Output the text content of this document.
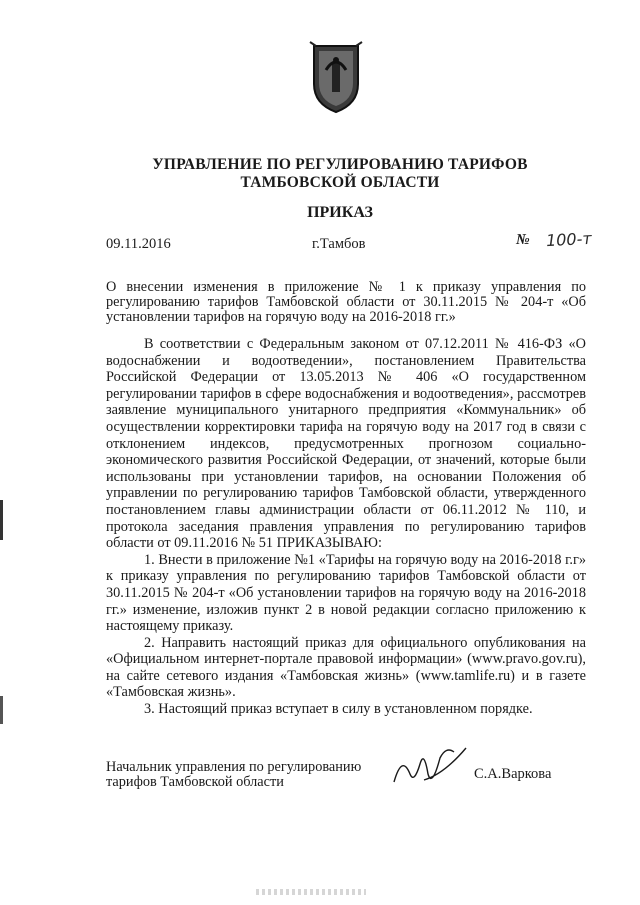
УПРАВЛЕНИЕ ПО РЕГУЛИРОВАНИЮ ТАРИФОВ
ТАМБОВСКОЙ ОБЛАСТИ
ПРИКАЗ
09.11.2016	г.Тамбов	№ 100-т
О внесении изменения в приложение № 1 к приказу управления по регулированию тарифов Тамбовской области от 30.11.2015 № 204-т «Об установлении тарифов на горячую воду на 2016-2018 гг.»

В соответствии с Федеральным законом от 07.12.2011 № 416-ФЗ «О водоснабжении и водоотведении», постановлением Правительства Российской Федерации от 13.05.2013 № 406 «О государственном регулировании тарифов в сфере водоснабжения и водоотведения», рассмотрев заявление муниципального унитарного предприятия «Коммунальник» об осуществлении корректировки тарифа на горячую воду на 2017 год в связи с отклонением индексов, предусмотренных прогнозом социально-экономического развития Российской Федерации, от значений, которые были использованы при установлении тарифов, на основании Положения об управлении по регулированию тарифов Тамбовской области, утвержденного постановлением главы администрации области от 06.11.2012 № 110, и протокола заседания правления управления по регулированию тарифов области от 09.11.2016 № 51 ПРИКАЗЫВАЮ:

1. Внести в приложение №1 «Тарифы на горячую воду на 2016-2018 г.г» к приказу управления по регулированию тарифов Тамбовской области от 30.11.2015 № 204-т «Об установлении тарифов на горячую воду на 2016-2018 гг.» изменение, изложив пункт 2 в новой редакции согласно приложению к настоящему приказу.

2. Направить настоящий приказ для официального опубликования на «Официальном интернет-портале правовой информации» (www.pravo.gov.ru), на сайте сетевого издания «Тамбовская жизнь» (www.tamlife.ru) и в газете «Тамбовская жизнь».

3. Настоящий приказ вступает в силу в установленном порядке.

Начальник управления по регулированию
тарифов Тамбовской области	С.А.Варкова
